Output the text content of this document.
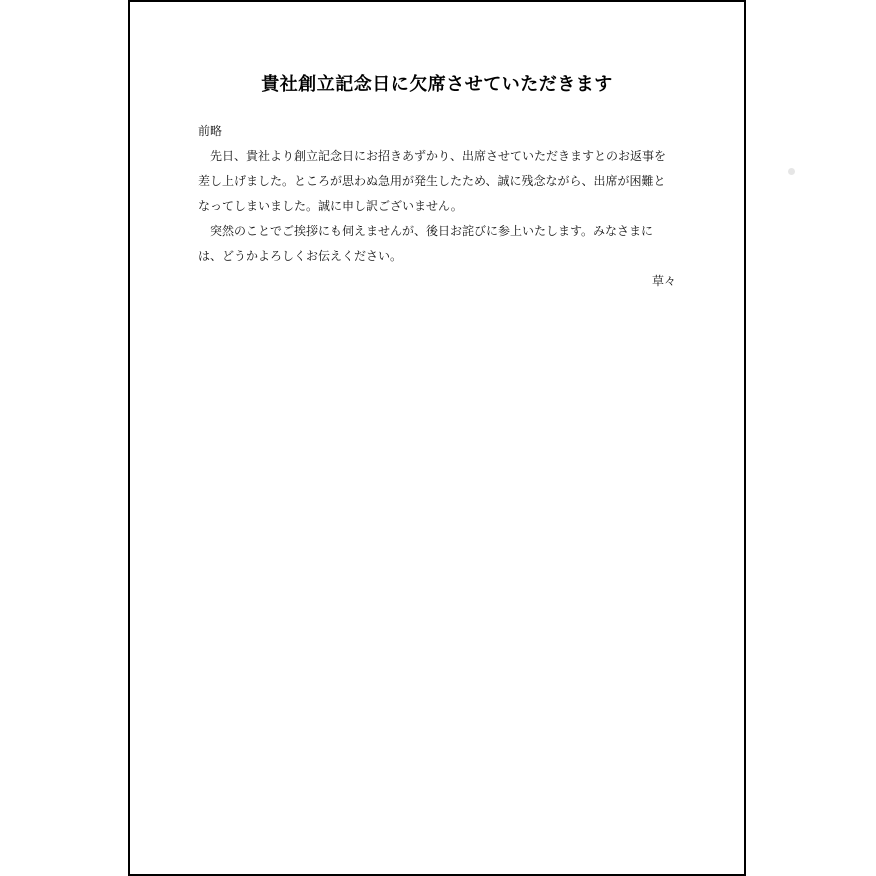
貴社創立記念日に欠席させていただきます

前略

先日、貴社より創立記念日にお招きあずかり、出席させていただきますとのお返事を差し上げました。ところが思わぬ急用が発生したため、誠に残念ながら、出席が困難となってしまいました。誠に申し訳ございません。

突然のことでご挨拶にも伺えませんが、後日お詫びに参上いたします。みなさまには、どうかよろしくお伝えください。

草々
